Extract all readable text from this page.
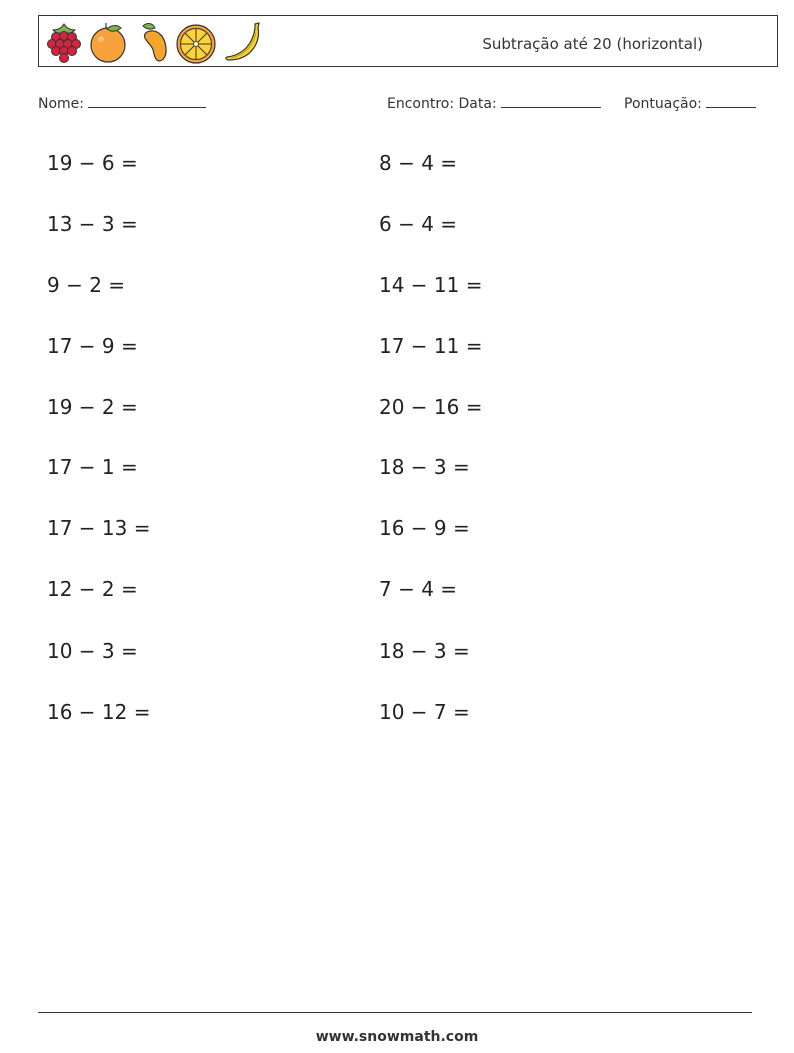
Subtração até 20 (horizontal)
Nome:	Encontro: Data:	Pontuação:
19 − 6 =
13 − 3 =
9 − 2 =
17 − 9 =
19 − 2 =
17 − 1 =
17 − 13 =
12 − 2 =
10 − 3 =
16 − 12 =
8 − 4 =
6 − 4 =
14 − 11 =
17 − 11 =
20 − 16 =
18 − 3 =
16 − 9 =
7 − 4 =
18 − 3 =
10 − 7 =
www.snowmath.com
